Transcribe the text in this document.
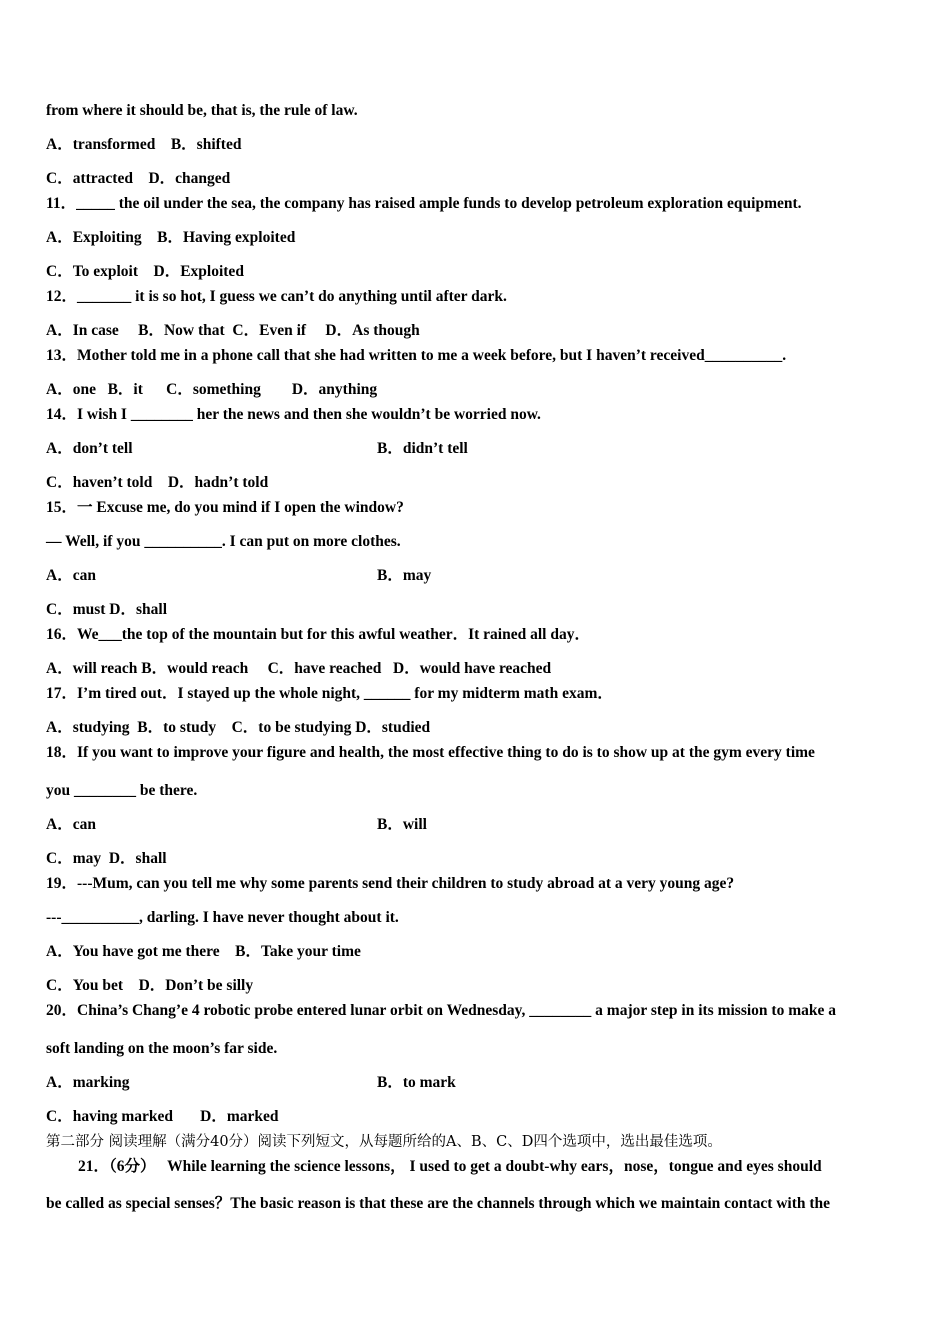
from where it should be, that is, the rule of law.

A．transformed    B．shifted

C．attracted    D．changed

11．_____ the oil under the sea, the company has raised ample funds to develop petroleum exploration equipment.

A．Exploiting    B．Having exploited

C．To exploit    D．Exploited

12．_______ it is so hot, I guess we can’t do anything until after dark.

A．In case     B．Now that  C．Even if     D．As though

13．Mother told me in a phone call that she had written to me a week before, but I haven’t received__________.

A．one   B．it      C．something        D．anything

14．I wish I ________ her the news and then she wouldn’t be worried now.

A．don’t tell	B．didn’t tell

C．haven’t told    D．hadn’t told

15．一 Excuse me, do you mind if I open the window?

— Well, if you __________. I can put on more clothes.

A．can	B．may

C．must D．shall

16．We___the top of the mountain but for this awful weather．It rained all day．

A．will reach B．would reach     C．have reached   D．would have reached

17．I’m tired out．I stayed up the whole night, ______ for my midterm math exam．

A．studying  B．to study    C．to be studying D．studied

18．If you want to improve your figure and health, the most effective thing to do is to show up at the gym every time

you ________ be there.

A．can	B．will

C．may  D．shall

19．---Mum, can you tell me why some parents send their children to study abroad at a very young age?

---__________, darling. I have never thought about it.

A．You have got me there    B．Take your time

C．You bet    D．Don’t be silly

20．China’s Chang’e 4 robotic probe entered lunar orbit on Wednesday, ________ a major step in its mission to make a

soft landing on the moon’s far side.

A．marking	B．to mark

C．having marked       D．marked

第二部分 阅读理解（满分40分）阅读下列短文，从每题所给的A、B、C、D四个选项中，选出最佳选项。

21．（6分）   While learning the science lessons， I used to get a doubt-why ears，nose，tongue and eyes should

be called as special senses？The basic reason is that these are the channels through which we maintain contact with the
